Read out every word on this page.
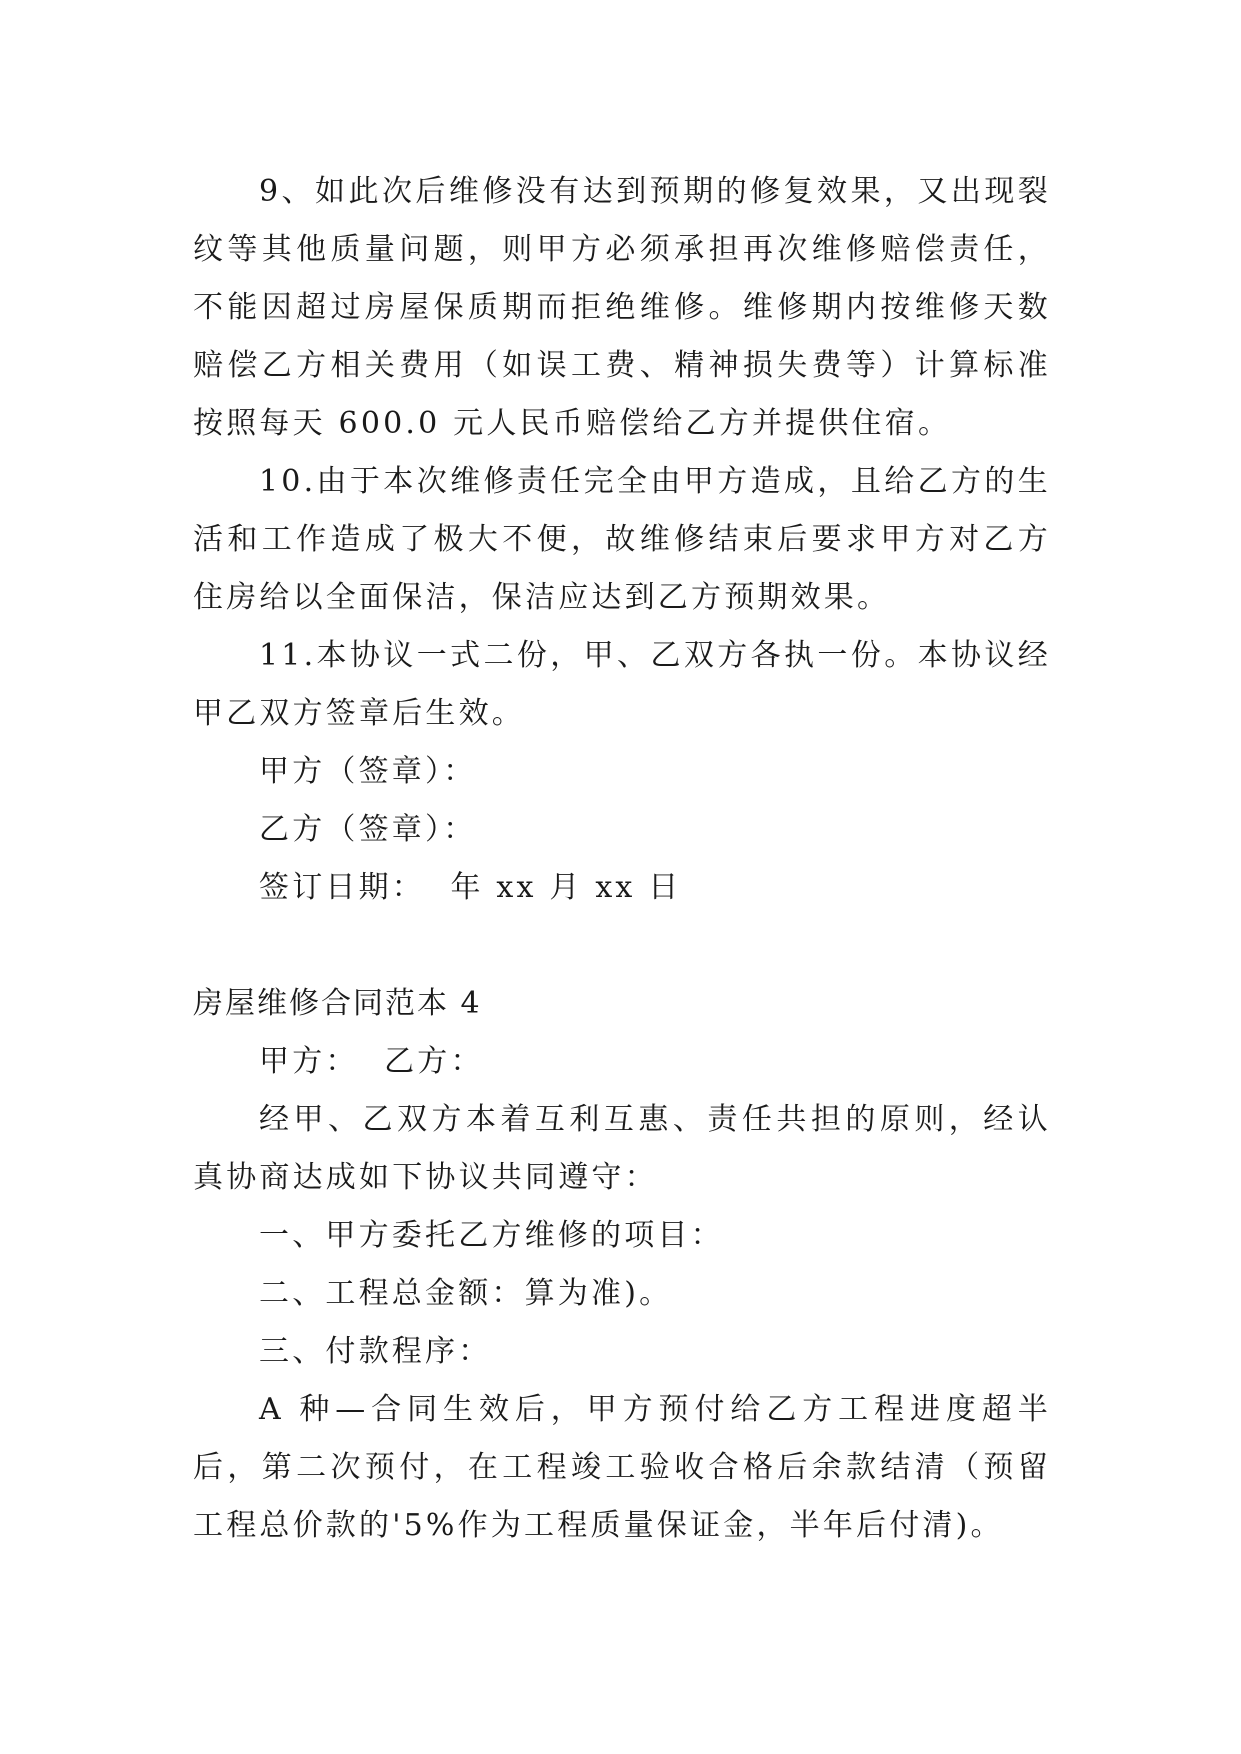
9、如此次后维修没有达到预期的修复效果，又出现裂纹等其他质量问题，则甲方必须承担再次维修赔偿责任，不能因超过房屋保质期而拒绝维修。维修期内按维修天数赔偿乙方相关费用（如误工费、精神损失费等）计算标准按照每天 600.0 元人民币赔偿给乙方并提供住宿。

10.由于本次维修责任完全由甲方造成，且给乙方的生活和工作造成了极大不便，故维修结束后要求甲方对乙方住房给以全面保洁，保洁应达到乙方预期效果。

11.本协议一式二份，甲、乙双方各执一份。本协议经甲乙双方签章后生效。

甲方（签章）：

乙方（签章）：

签订日期：  年 xx 月 xx 日

房屋维修合同范本 4

甲方：  乙方：

经甲、乙双方本着互利互惠、责任共担的原则，经认真协商达成如下协议共同遵守：

一、甲方委托乙方维修的项目：

二、工程总金额：算为准)。

三、付款程序：

A 种—合同生效后，甲方预付给乙方工程进度超半后，第二次预付，在工程竣工验收合格后余款结清（预留工程总价款的'5%作为工程质量保证金，半年后付清)。
